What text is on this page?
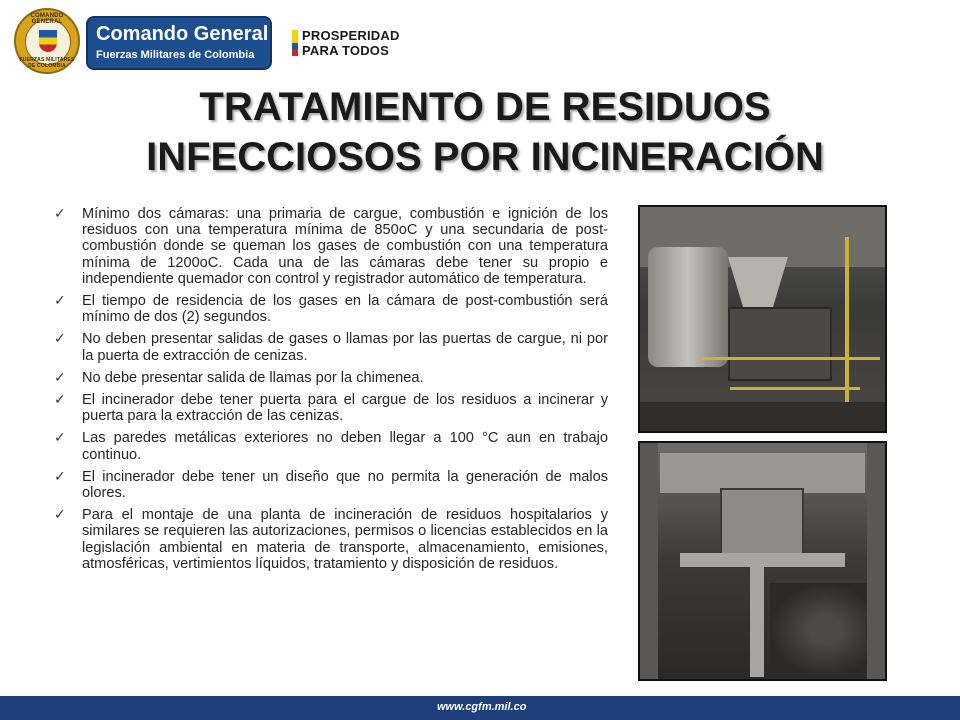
COMANDO GENERAL
FUERZAS MILITARES DE COLOMBIA
Comando General
Fuerzas Militares de Colombia
PROSPERIDAD
PARA TODOS
TRATAMIENTO DE RESIDUOS
INFECCIOSOS POR INCINERACIÓN
✓ Mínimo dos cámaras: una primaria de cargue, combustión e ignición de los residuos con una temperatura mínima de 850oC y una secundaria de post-combustión donde se queman los gases de combustión con una temperatura mínima de 1200oC. Cada una de las cámaras debe tener su propio e independiente quemador con control y registrador automático de temperatura.
✓ El tiempo de residencia de los gases en la cámara de post-combustión será mínimo de dos (2) segundos.
✓ No deben presentar salidas de gases o llamas por las puertas de cargue, ni por la puerta de extracción de cenizas.
✓ No debe presentar salida de llamas por la chimenea.
✓ El incinerador debe tener puerta para el cargue de los residuos a incinerar y puerta para la extracción de las cenizas.
✓ Las paredes metálicas exteriores no deben llegar a 100 °C aun en trabajo continuo.
✓ El incinerador debe tener un diseño que no permita la generación de malos olores.
✓ Para el montaje de una planta de incineración de residuos hospitalarios y similares se requieren las autorizaciones, permisos o licencias establecidos en la legislación ambiental en materia de transporte, almacenamiento, emisiones, atmosféricas, vertimientos líquidos, tratamiento y disposición de residuos.
www.cgfm.mil.co
